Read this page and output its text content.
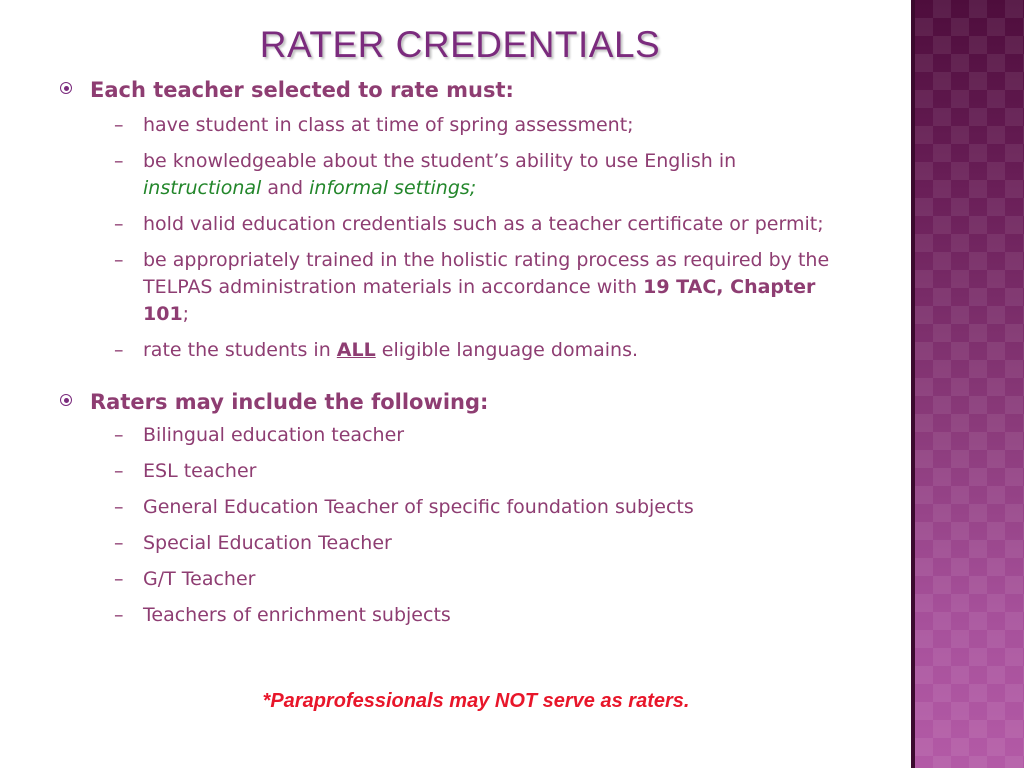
RATER CREDENTIALS

Each teacher selected to rate must:

– have student in class at time of spring assessment;

– be knowledgeable about the student’s ability to use English in instructional and informal settings;

– hold valid education credentials such as a teacher certificate or permit;

– be appropriately trained in the holistic rating process as required by the TELPAS administration materials in accordance with 19 TAC, Chapter 101;

– rate the students in ALL eligible language domains.

Raters may include the following:

– Bilingual education teacher

– ESL teacher

– General Education Teacher of specific foundation subjects

– Special Education Teacher

– G/T Teacher

– Teachers of enrichment subjects

*Paraprofessionals may NOT serve as raters.
